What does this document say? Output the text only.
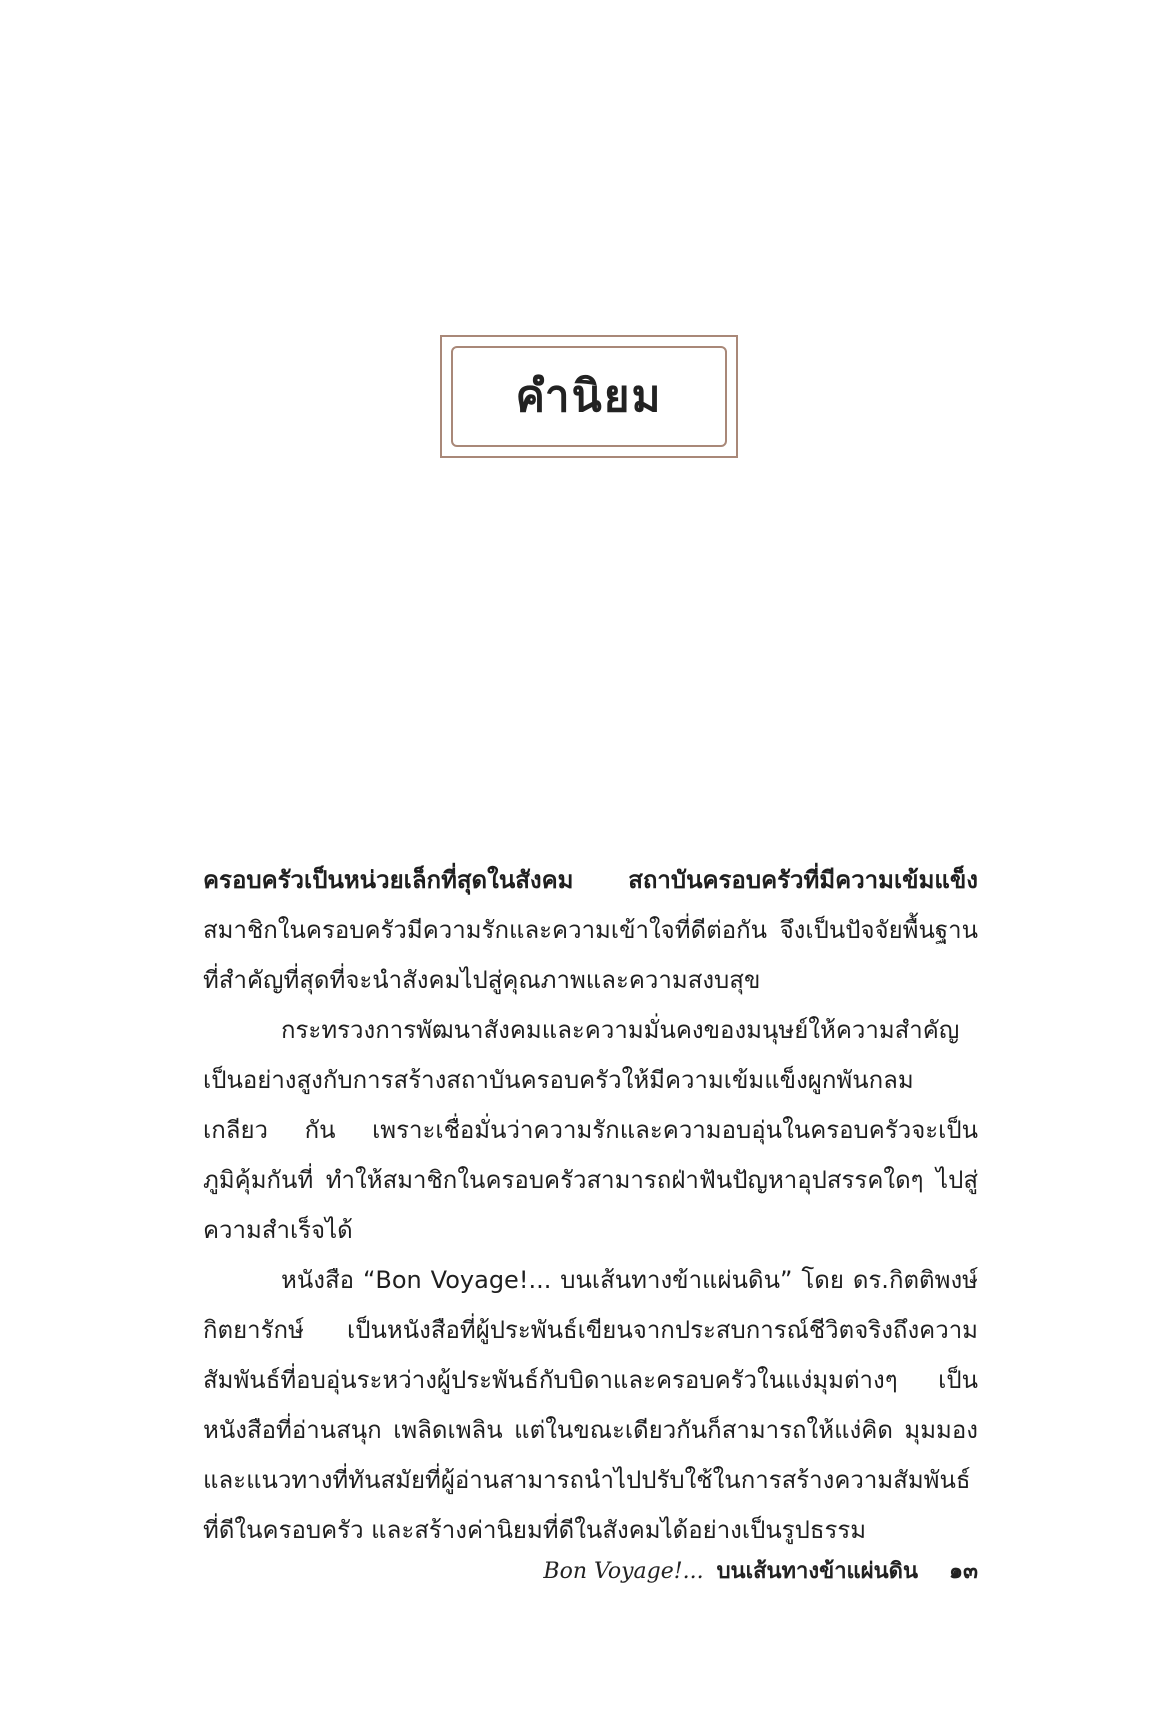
คำนิยม

ครอบครัวเป็นหน่วยเล็กที่สุดในสังคม สถาบันครอบครัวที่มีความเข้มแข็ง สมาชิกในครอบครัวมีความรักและความเข้าใจที่ดีต่อกัน จึงเป็นปัจจัยพื้นฐาน ที่สำคัญที่สุดที่จะนำสังคมไปสู่คุณภาพและความสงบสุข

กระทรวงการพัฒนาสังคมและความมั่นคงของมนุษย์ให้ความสำคัญ เป็นอย่างสูงกับการสร้างสถาบันครอบครัวให้มีความเข้มแข็งผูกพันกลมเกลียว กัน เพราะเชื่อมั่นว่าความรักและความอบอุ่นในครอบครัวจะเป็นภูมิคุ้มกันที่ ทำให้สมาชิกในครอบครัวสามารถฝ่าฟันปัญหาอุปสรรคใดๆ ไปสู่ความสำเร็จได้

หนังสือ “Bon Voyage!... บนเส้นทางข้าแผ่นดิน” โดย ดร.กิตติพงษ์ กิตยารักษ์ เป็นหนังสือที่ผู้ประพันธ์เขียนจากประสบการณ์ชีวิตจริงถึงความ สัมพันธ์ที่อบอุ่นระหว่างผู้ประพันธ์กับบิดาและครอบครัวในแง่มุมต่างๆ เป็น หนังสือที่อ่านสนุก เพลิดเพลิน แต่ในขณะเดียวกันก็สามารถให้แง่คิด มุมมอง และแนวทางที่ทันสมัยที่ผู้อ่านสามารถนำไปปรับใช้ในการสร้างความสัมพันธ์ ที่ดีในครอบครัว และสร้างค่านิยมที่ดีในสังคมได้อย่างเป็นรูปธรรม

Bon Voyage!... บนเส้นทางข้าแผ่นดิน ๑๓
